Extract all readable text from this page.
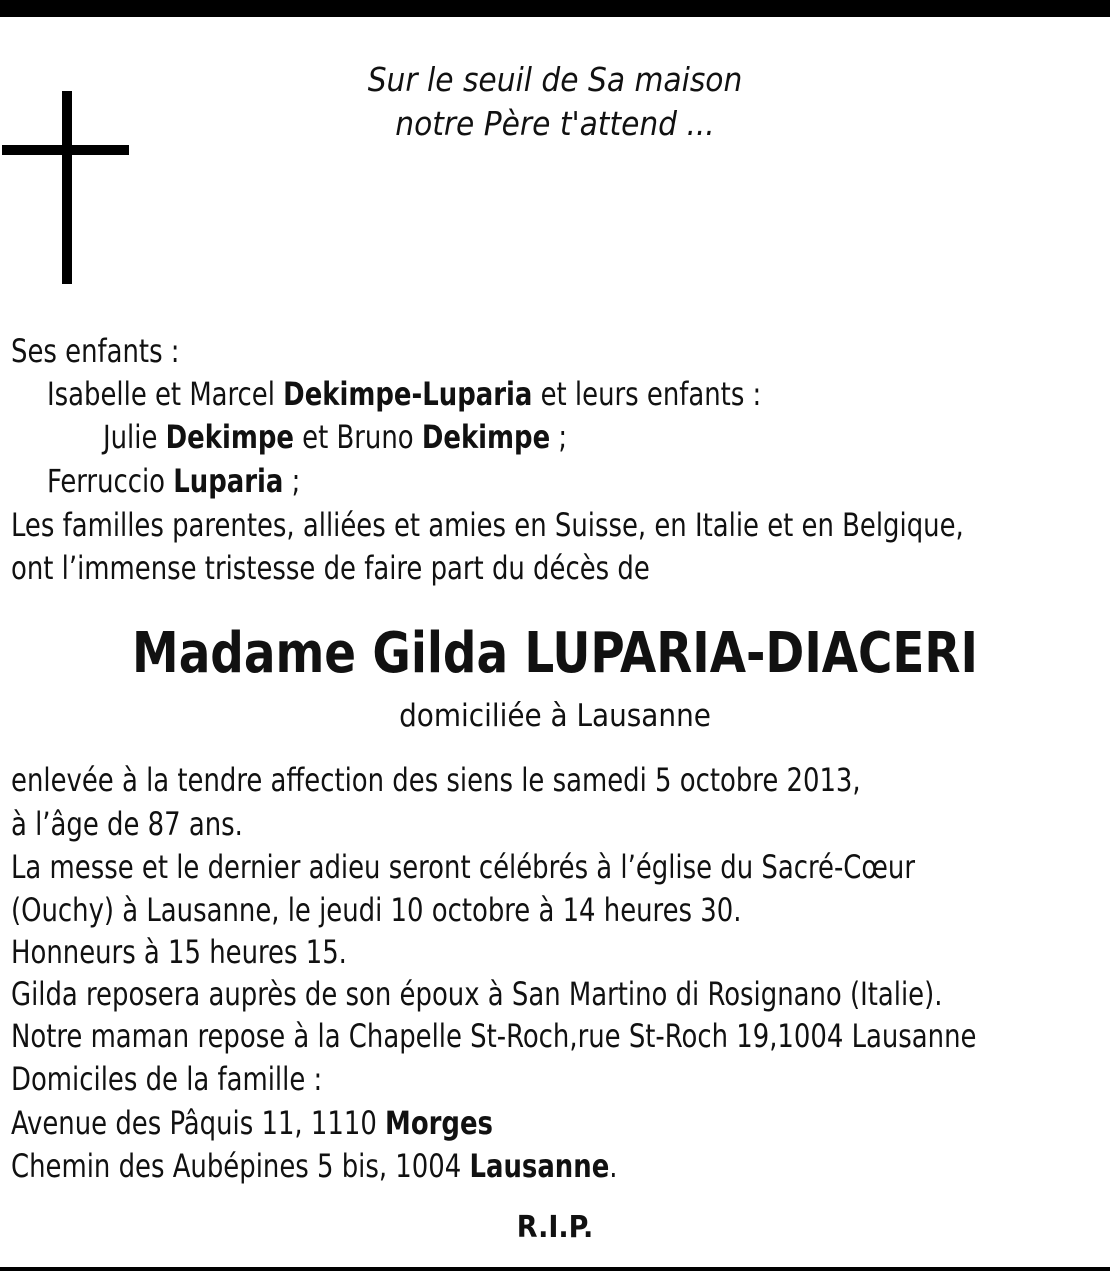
Sur le seuil de Sa maison
notre Père t'attend ...
Ses enfants :
Isabelle et Marcel Dekimpe-Luparia et leurs enfants :
Julie Dekimpe et Bruno Dekimpe ;
Ferruccio Luparia ;
Les familles parentes, alliées et amies en Suisse, en Italie et en Belgique,
ont l’immense tristesse de faire part du décès de
Madame Gilda LUPARIA-DIACERI
domiciliée à Lausanne
enlevée à la tendre affection des siens le samedi 5 octobre 2013,
à l’âge de 87 ans.
La messe et le dernier adieu seront célébrés à l’église du Sacré-Cœur
(Ouchy) à Lausanne, le jeudi 10 octobre à 14 heures 30.
Honneurs à 15 heures 15.
Gilda reposera auprès de son époux à San Martino di Rosignano (Italie).
Notre maman repose à la Chapelle St-Roch,rue St-Roch 19,1004 Lausanne
Domiciles de la famille :
Avenue des Pâquis 11, 1110 Morges
Chemin des Aubépines 5 bis, 1004 Lausanne.
R.I.P.
